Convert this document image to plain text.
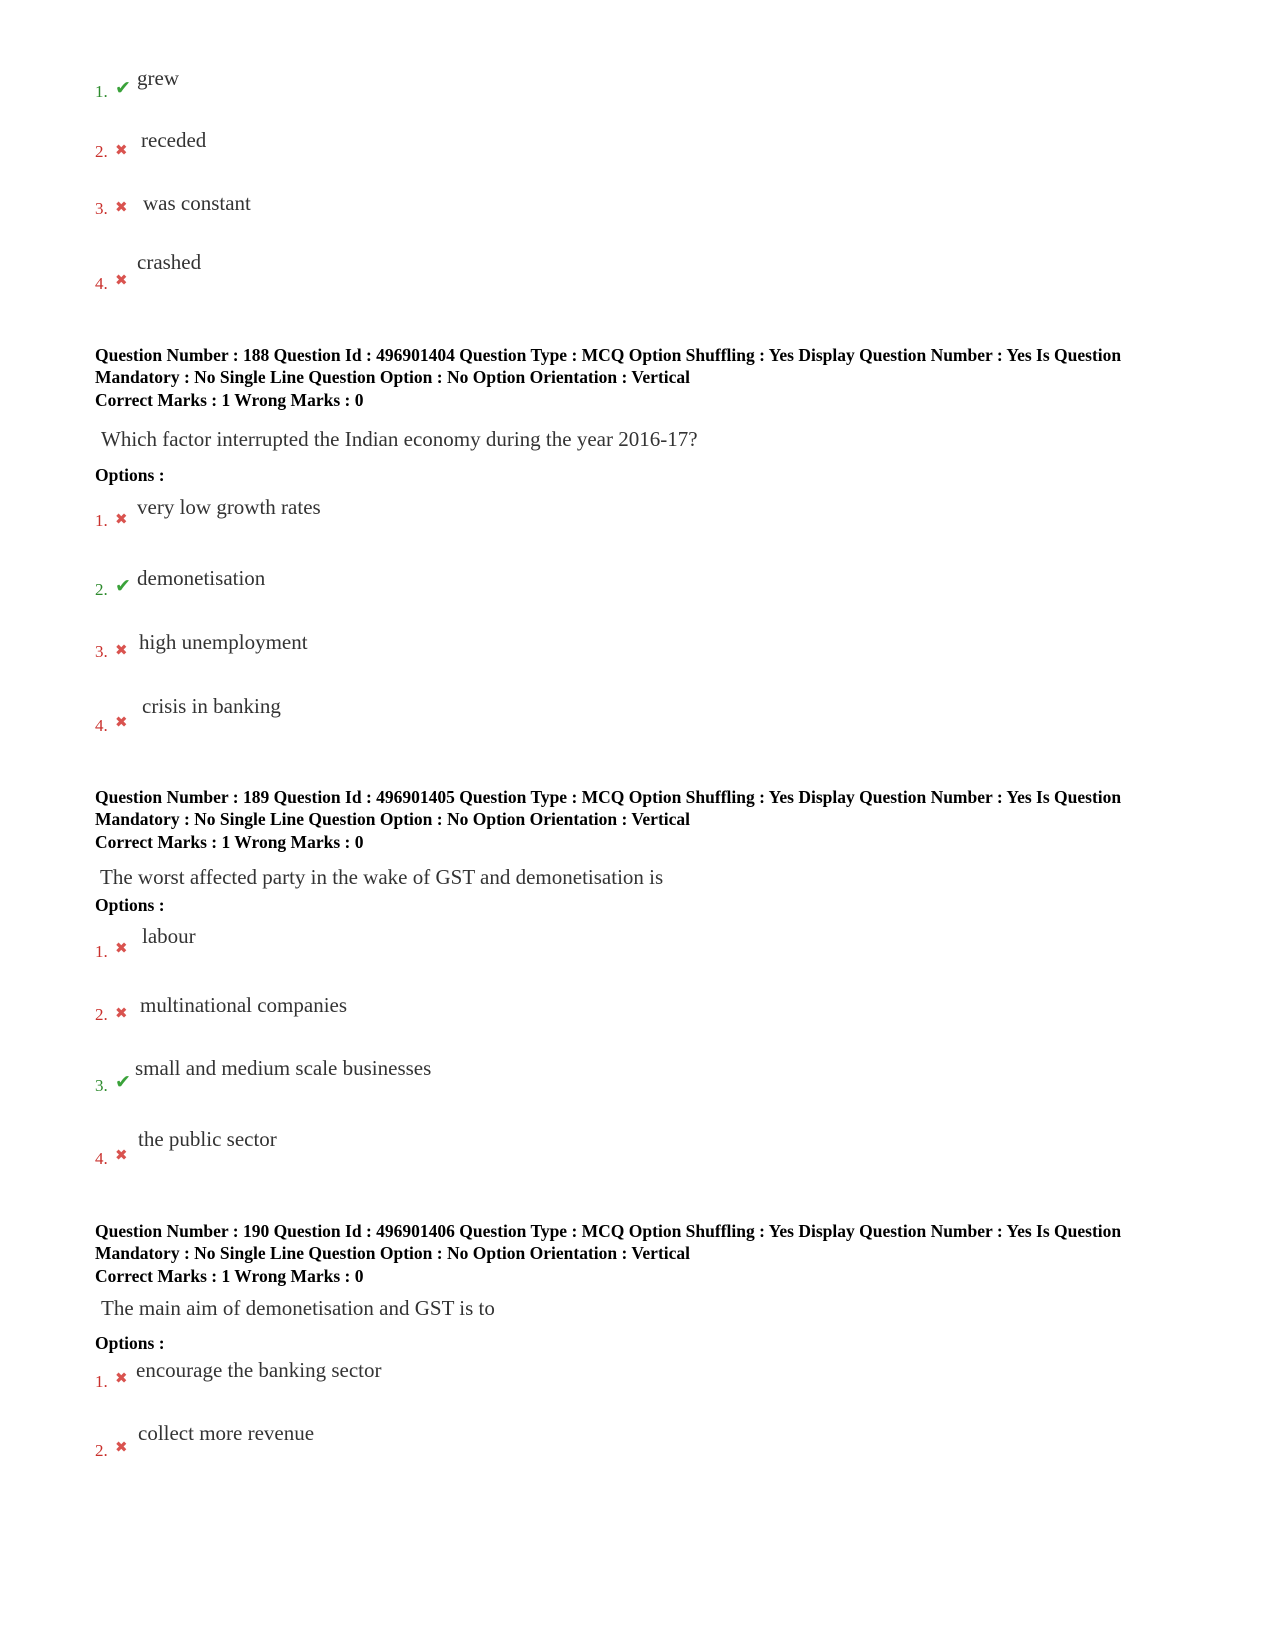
1. ✔ grew
2. ✖ receded
3. ✖ was constant
4. ✖
crashed
Question Number : 188 Question Id : 496901404 Question Type : MCQ Option Shuffling : Yes Display Question Number : Yes Is Question Mandatory : No Single Line Question Option : No Option Orientation : Vertical
Correct Marks : 1 Wrong Marks : 0
Which factor interrupted the Indian economy during the year 2016-17?
Options :
1. ✖ very low growth rates
2. ✔ demonetisation
3. ✖ high unemployment
4. ✖
crisis in banking
Question Number : 189 Question Id : 496901405 Question Type : MCQ Option Shuffling : Yes Display Question Number : Yes Is Question Mandatory : No Single Line Question Option : No Option Orientation : Vertical
Correct Marks : 1 Wrong Marks : 0
The worst affected party in the wake of GST and demonetisation is
Options :
1. ✖ labour
2. ✖ multinational companies
3. ✔
small and medium scale businesses
4. ✖
the public sector
Question Number : 190 Question Id : 496901406 Question Type : MCQ Option Shuffling : Yes Display Question Number : Yes Is Question Mandatory : No Single Line Question Option : No Option Orientation : Vertical
Correct Marks : 1 Wrong Marks : 0
The main aim of demonetisation and GST is to
Options :
1. ✖ encourage the banking sector
2. ✖
collect more revenue
